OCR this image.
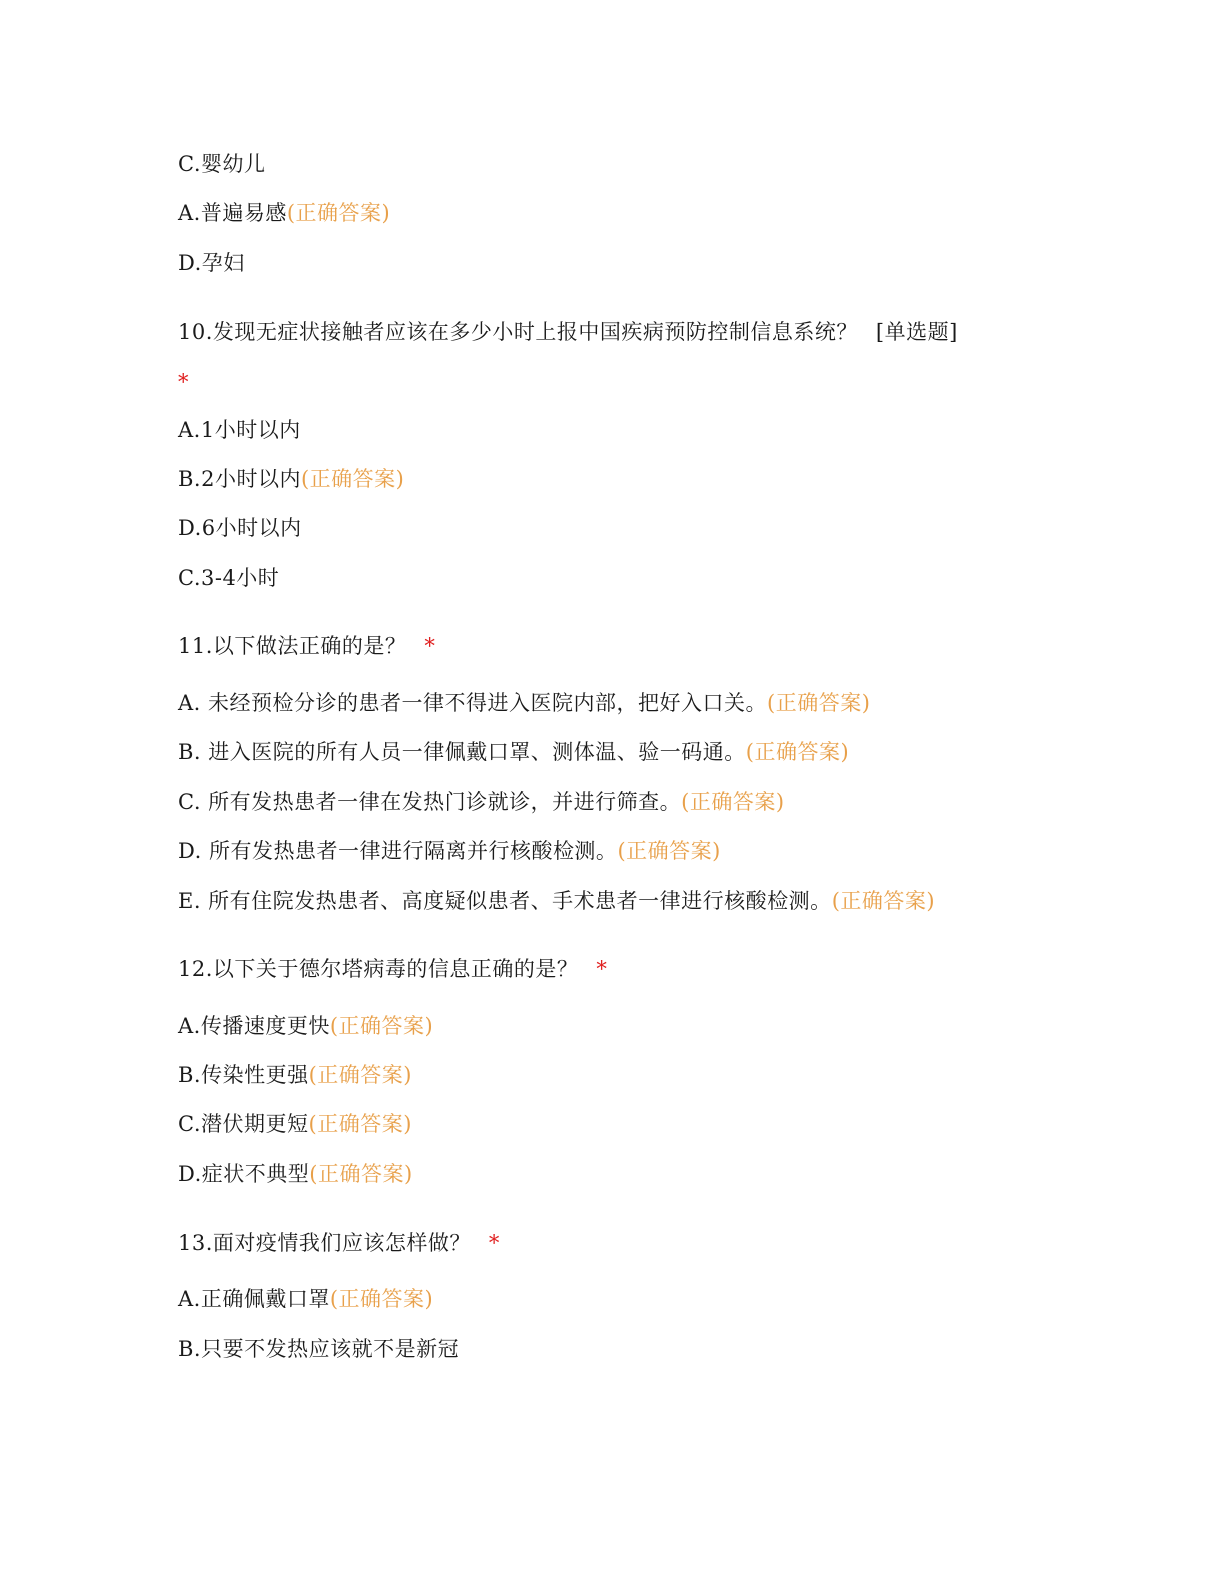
C.婴幼儿
A.普遍易感(正确答案)
D.孕妇
10.发现无症状接触者应该在多少小时上报中国疾病预防控制信息系统？ [单选题]
*
A.1小时以内
B.2小时以内(正确答案)
D.6小时以内
C.3-4小时
11.以下做法正确的是？ *
A. 未经预检分诊的患者一律不得进入医院内部，把好入口关。(正确答案)
B. 进入医院的所有人员一律佩戴口罩、测体温、验一码通。(正确答案)
C. 所有发热患者一律在发热门诊就诊，并进行筛查。(正确答案)
D. 所有发热患者一律进行隔离并行核酸检测。(正确答案)
E. 所有住院发热患者、高度疑似患者、手术患者一律进行核酸检测。(正确答案)
12.以下关于德尔塔病毒的信息正确的是？ *
A.传播速度更快(正确答案)
B.传染性更强(正确答案)
C.潜伏期更短(正确答案)
D.症状不典型(正确答案)
13.面对疫情我们应该怎样做？ *
A.正确佩戴口罩(正确答案)
B.只要不发热应该就不是新冠
